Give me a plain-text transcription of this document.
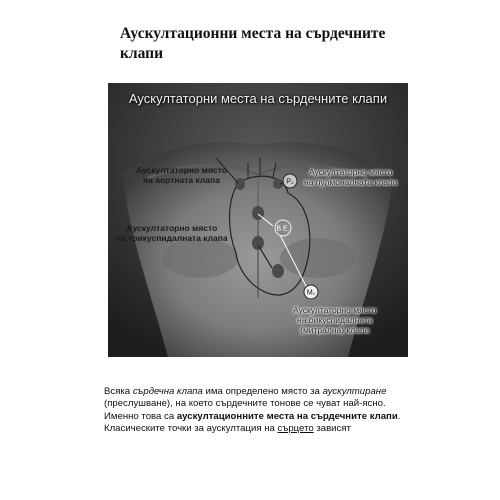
Аускултационни места на сърдечните клапи
P₂
B.E.
M₁
Аускултаторни места на сърдечните клапи
Аускултаторно място
на аортната клапа
Аускултаторно място
на пулмоналната клапа
Аускултаторно място
на трикуспидалната клапа
Аускултаторно място
на бикуспидалната
(митрална) клапа

Всяка сърдечна клапа има определено място за аускултиране (преслушване), на което сърдечните тонове се чуват най-ясно. Именно това са аускултационните места на сърдечните клапи. Класическите точки за аускултация на сърцето зависят
